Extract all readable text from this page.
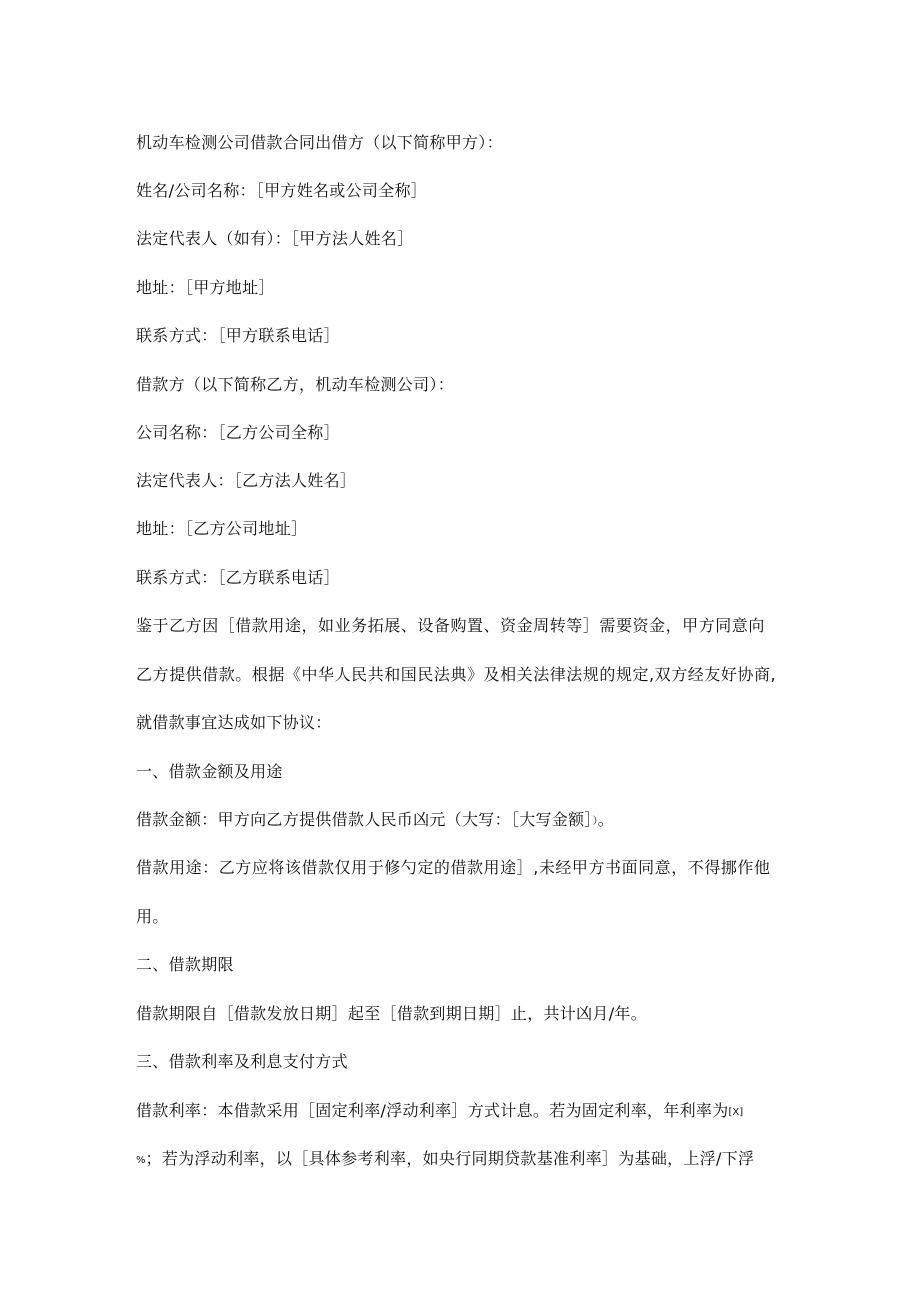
机动车检测公司借款合同出借方（以下简称甲方）：
姓名/公司名称：［甲方姓名或公司全称］
法定代表人（如有）：［甲方法人姓名］
地址：［甲方地址］
联系方式：［甲方联系电话］
借款方（以下简称乙方，机动车检测公司）：
公司名称：［乙方公司全称］
法定代表人：［乙方法人姓名］
地址：［乙方公司地址］
联系方式：［乙方联系电话］
鉴于乙方因［借款用途，如业务拓展、设备购置、资金周转等］需要资金，甲方同意向
乙方提供借款。根据《中华人民共和国民法典》及相关法律法规的规定,双方经友好协商,
就借款事宜达成如下协议：
一、借款金额及用途
借款金额：甲方向乙方提供借款人民币凶元（大写：［大写金额］）。
借款用途：乙方应将该借款仅用于修勺定的借款用途］,未经甲方书面同意，不得挪作他
用。
二、借款期限
借款期限自［借款发放日期］起至［借款到期日期］止，共计凶月/年。
三、借款利率及利息支付方式
借款利率：本借款采用［固定利率/浮动利率］方式计息。若为固定利率，年利率为[X]
%；若为浮动利率，以［具体参考利率，如央行同期贷款基准利率］为基础，上浮/下浮
